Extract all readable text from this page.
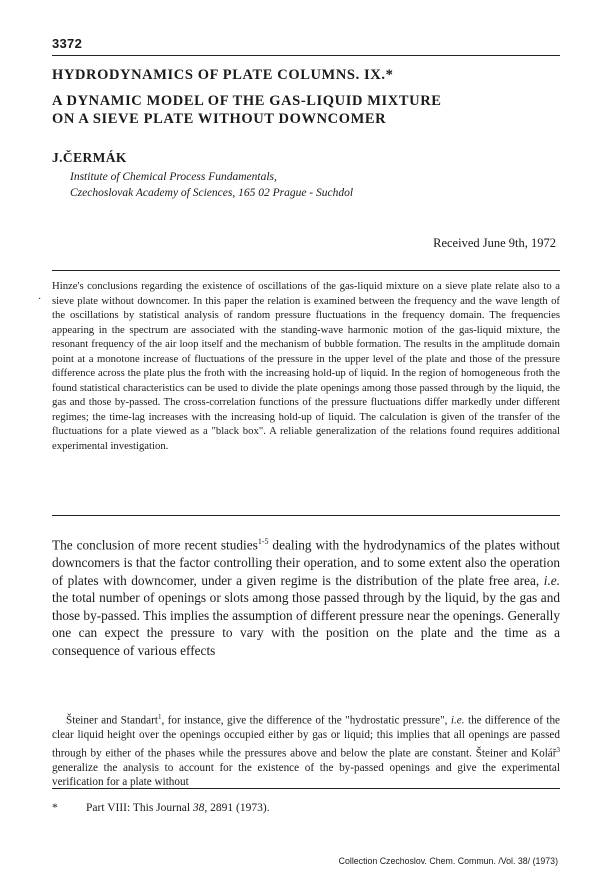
3372
HYDRODYNAMICS OF PLATE COLUMNS. IX.*
A DYNAMIC MODEL OF THE GAS-LIQUID MIXTURE
ON A SIEVE PLATE WITHOUT DOWNCOMER
J.ČERMÁK
Institute of Chemical Process Fundamentals,
Czechoslovak Academy of Sciences, 165 02 Prague - Suchdol
Received June 9th, 1972
·

Hinze's conclusions regarding the existence of oscillations of the gas-liquid mixture on a sieve plate relate also to a sieve plate without downcomer. In this paper the relation is examined between the frequency and the wave length of the oscillations by statistical analysis of random pressure fluctuations in the frequency domain. The frequencies appearing in the spectrum are associated with the standing-wave harmonic motion of the gas-liquid mixture, the resonant frequency of the air loop itself and the mechanism of bubble formation. The results in the amplitude domain point at a monotone increase of fluctuations of the pressure in the upper level of the plate and those of the pressure difference across the plate plus the froth with the increasing hold-up of liquid. In the region of homogeneous froth the found statistical characteristics can be used to divide the plate openings among those passed through by the liquid, the gas and those by-passed. The cross-correlation functions of the pressure fluctuations differ markedly under different regimes; the time-lag increases with the increasing hold-up of liquid. The calculation is given of the transfer of the fluctuations for a plate viewed as a "black box". A reliable generalization of the relations found requires additional experimental investigation.

The conclusion of more recent studies$^{1-5}$ dealing with the hydrodynamics of the plates without downcomers is that the factor controlling their operation, and to some extent also the operation of plates with downcomer, under a given regime is the distribution of the plate free area, i.e. the total number of openings or slots among those passed through by the liquid, by the gas and those by-passed. This implies the assumption of different pressure near the openings. Generally one can expect the pressure to vary with the position on the plate and the time as a consequence of various effects

Šteiner and Standart$^1$, for instance, give the difference of the "hydrostatic pressure", i.e. the difference of the clear liquid height over the openings occupied either by gas or liquid; this implies that all openings are passed through by either of the phases while the pressures above and below the plate are constant. Šteiner and Kolář$^3$ generalize the analysis to account for the existence of the by-passed openings and give the experimental verification for a plate without

* Part VIII: This Journal 38, 2891 (1973).
Collection Czechoslov. Chem. Commun. /Vol. 38/ (1973)
